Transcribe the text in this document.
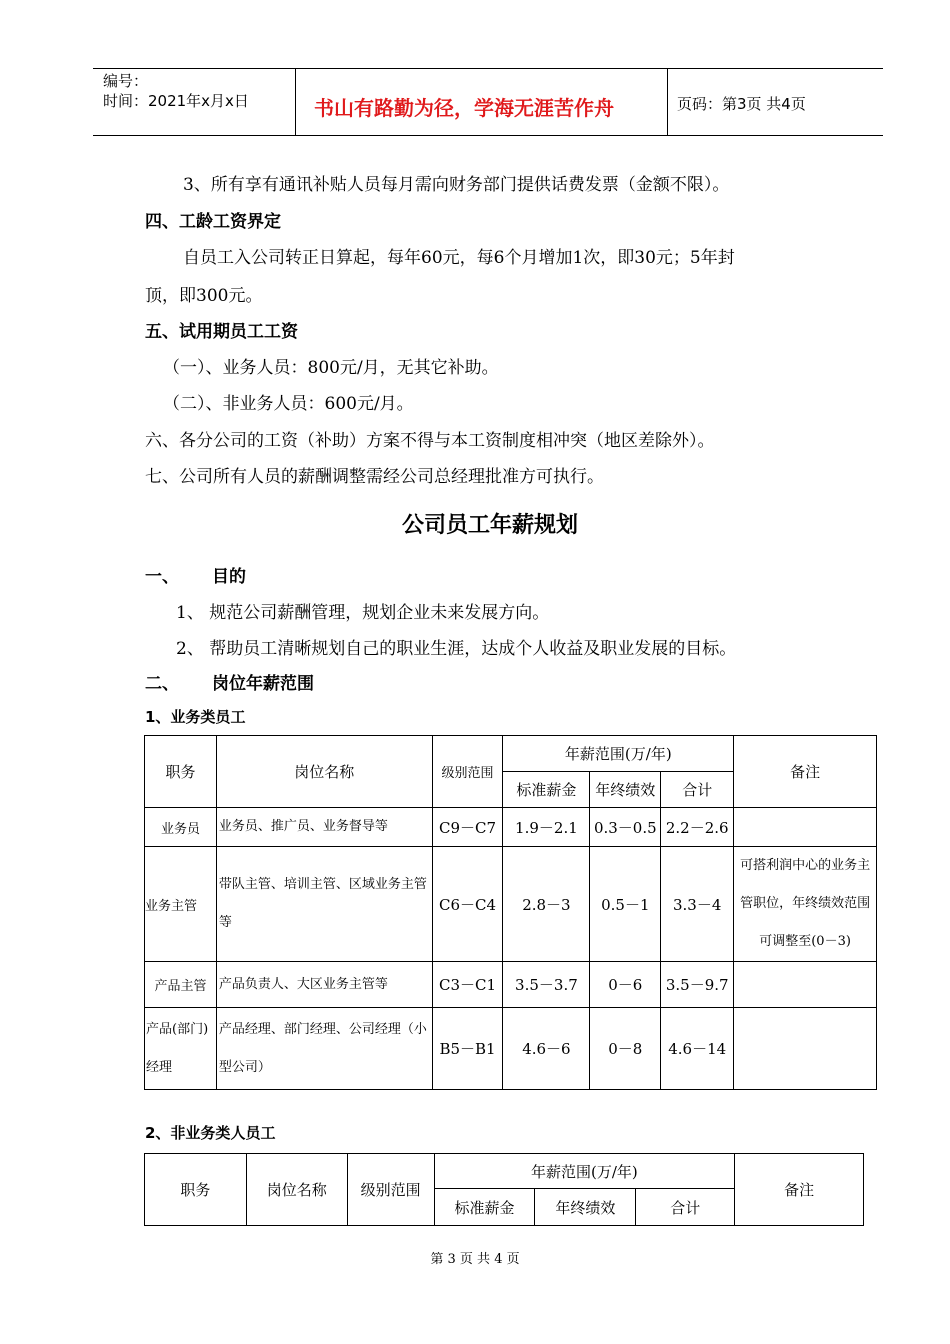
编号：
时间：2021年x月x日	书山有路勤为径，学海无涯苦作舟	页码：第3页 共4页
3、所有享有通讯补贴人员每月需向财务部门提供话费发票（金额不限）。
四、工龄工资界定
自员工入公司转正日算起，每年60元，每6个月增加1次，即30元；5年封
顶，即300元。
五、试用期员工工资
（一）、业务人员：800元/月，无其它补助。
（二）、非业务人员：600元/月。
六、各分公司的工资（补助）方案不得与本工资制度相冲突（地区差除外）。
七、公司所有人员的薪酬调整需经公司总经理批准方可执行。
公司员工年薪规划
一、 目的
1、 规范公司薪酬管理，规划企业未来发展方向。
2、 帮助员工清晰规划自己的职业生涯，达成个人收益及职业发展的目标。
二、 岗位年薪范围
1、业务类员工
职务	岗位名称	级别范围	年薪范围(万/年)			备注
			标准薪金	年终绩效	合计	
业务员	业务员、推广员、业务督导等	C9－C7	1.9－2.1	0.3－0.5	2.2－2.6	
业务主管	带队主管、培训主管、区域业务主管等	C6－C4	2.8－3	0.5－1	3.3－4	可搭利润中心的业务主管职位，年终绩效范围可调整至(0－3)
产品主管	产品负责人、大区业务主管等	C3－C1	3.5－3.7	0－6	3.5－9.7	
产品(部门)经理	产品经理、部门经理、公司经理（小型公司）	B5－B1	4.6－6	0－8	4.6－14	
2、非业务类人员工
职务	岗位名称	级别范围	年薪范围(万/年)			备注
			标准薪金	年终绩效	合计	
第 3 页 共 4 页
